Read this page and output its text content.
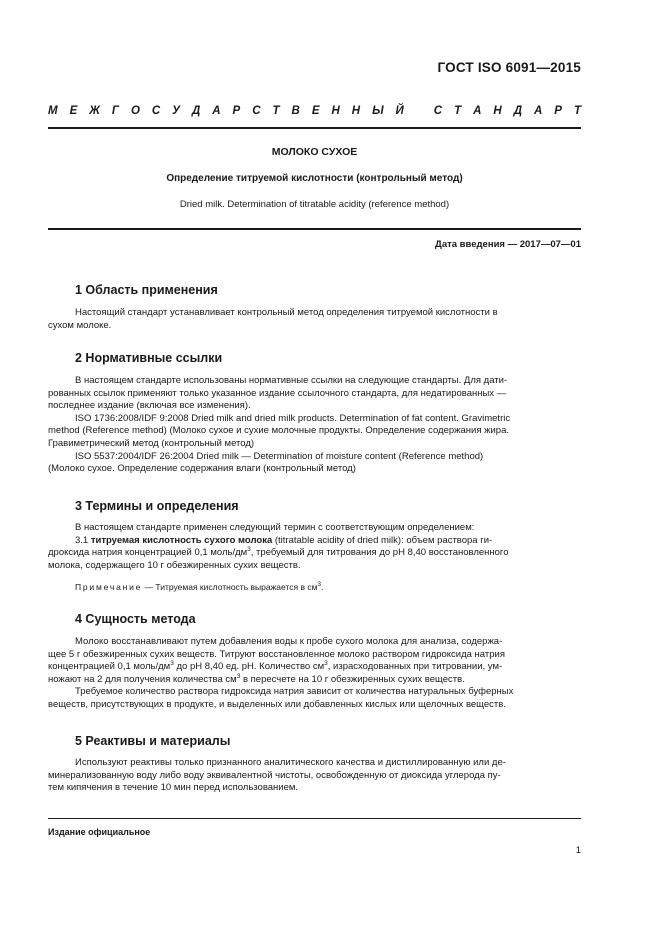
ГОСТ ISO 6091—2015
М Е Ж Г О С У Д А Р С Т В Е Н Н Ы Й	С Т А Н Д А Р Т
МОЛОКО СУХОЕ
Определение титруемой кислотности (контрольный метод)
Dried milk. Determination of titratable acidity (reference method)
Дата введения — 2017—07—01
1 Область применения
Настоящий стандарт устанавливает контрольный метод определения титруемой кислотности в
сухом молоке.
2 Нормативные ссылки
В настоящем стандарте использованы нормативные ссылки на следующие стандарты. Для дати-
рованных ссылок применяют только указанное издание ссылочного стандарта, для недатированных —
последнее издание (включая все изменения).
ISO 1736:2008/IDF 9:2008 Dried milk and dried milk products. Determination of fat content. Gravimetric
method (Reference method) (Молоко сухое и сухие молочные продукты. Определение содержания жира.
Гравиметрический метод (контрольный метод)
ISO 5537:2004/IDF 26:2004 Dried milk — Determination of moisture content (Reference method)
(Молоко сухое. Определение содержания влаги (контрольный метод)
3 Термины и определения
В настоящем стандарте применен следующий термин с соответствующим определением:
3.1 титруемая кислотность сухого молока (titratable acidity of dried milk): объем раствора ги-
дроксида натрия концентрацией 0,1 моль/$дм^3$, требуемый для титрования до рН 8,40 восстановленного
молока, содержащего 10 г обезжиренных сухих веществ.
Примечание — Титруемая кислотность выражается в $см^3$.
4 Сущность метода
Молоко восстанавливают путем добавления воды к пробе сухого молока для анализа, содержа-
щее 5 г обезжиренных сухих веществ. Титруют восстановленное молоко раствором гидроксида натрия
концентрацией 0,1 моль/$дм^3$ до рН 8,40 ед. рН. Количество $см^3$, израсходованных при титровании, ум-
ножают на 2 для получения количества $см^3$ в пересчете на 10 г обезжиренных сухих веществ.
Требуемое количество раствора гидроксида натрия зависит от количества натуральных буферных
веществ, присутствующих в продукте, и выделенных или добавленных кислых или щелочных веществ.
5 Реактивы и материалы
Используют реактивы только признанного аналитического качества и дистиллированную или де-
минерализованную воду либо воду эквивалентной чистоты, освобожденную от диоксида углерода пу-
тем кипячения в течение 10 мин перед использованием.
Издание официальное
1
